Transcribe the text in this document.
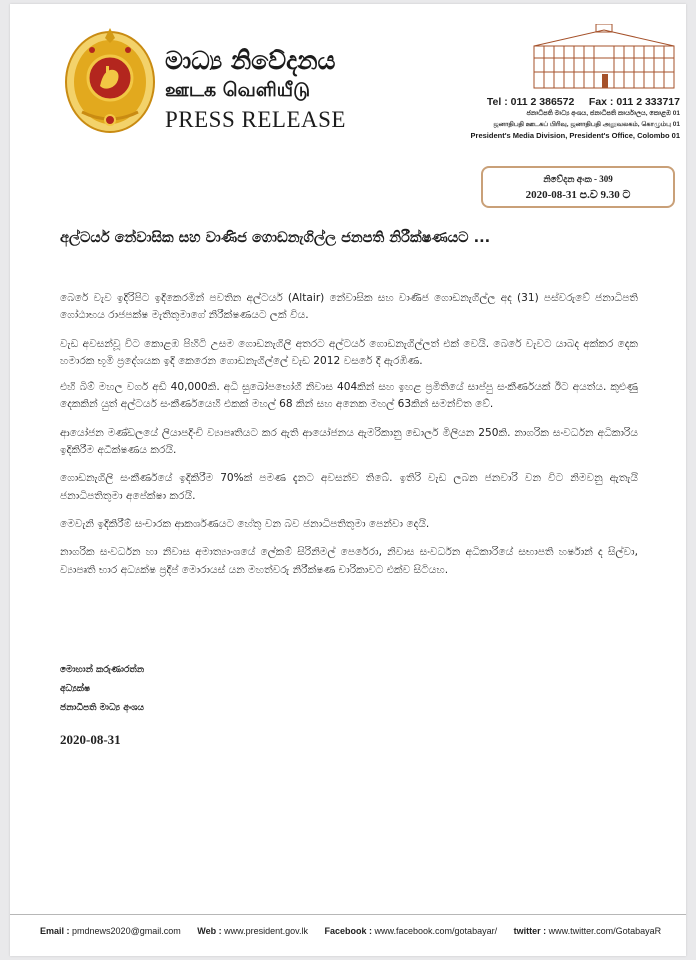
මාධ්‍ය නිවේදනය
ஊடக வெளியீடு
PRESS RELEASE
Tel : 011 2 386572 Fax : 011 2 333717
ජනාධිපති මාධ්‍ය අංශය, ජනාධිපති කාර්යාලය, කොළඹ 01
ஜனாதிபதி ஊடகப் பிரிவு, ஜனாதிபதி அலுவலகம், கொழும்பு 01
President's Media Division, President's Office, Colombo 01
නිවේදන අංක - 309
2020-08-31 ප.ව 9.30 ට
අල්ටයර් නේවාසික සහ වාණිජ ගොඩනැගිල්ල ජනපති නිරීක්ෂණයට ...

බෙරේ වැව ඉදිරිපිට ඉදිකෙරමින් පවතින අල්ටයර් (Altair) නේවාසික සහ වාණිජ ගොඩනැගිල්ල අද (31) පස්වරුවේ ජනාධිපති ගෝඨාභය රාජපක්ෂ මැතිතුමාගේ නිරීක්ෂණයට ලක් විය.

වැඩ අවසන්වූ විට කොළඹ පිහිටි උසම ගොඩනැගිලි අතරට අල්ටයර් ගොඩනැගිල්ලත් එක් වෙයි. බෙරේ වැවට යාබද අක්කර දෙක හමාරක භූමි ප්‍රදේශයක ඉදි කෙරෙන ගොඩනැගිල්ලේ වැඩ 2012 වසරේ දී ඇරඹිණ.

එහි බිම් මහල වර්ග අඩි 40,000කි. අධි සුඛෝපභෝගී නිවාස 404කින් සහ ඉහළ ප්‍රමිතියේ සාප්පු සංකීර්ණයක් ඊට අයත්ය. කුළුණු දෙකකින් යුත් අල්ටයර් සංකීර්ණයෙහි එකක් මහල් 68 කින් සහ අනෙක මහල් 63කින් සමන්විත වේ.

ආයෝජන මණ්ඩලයේ ලියාපදිංචි ව්‍යාපෘතියට කර ඇති ආයෝජනය ඇමරිකානු ඩොලර් මිලියන 250කි. නාගරික සංවර්ධන අධිකාරිය ඉදිකිරීම අධීක්ෂණය කරයි.

ගොඩනැගිලි සංකීර්ණයේ ඉදිකිරීම 70%ක් පමණ දැනට අවසන්ව තිබේ. ඉතිරි වැඩ ලබන ජනවාරි වන විට නිමවනු ඇතැයි ජනාධිපතිතුමා අපේක්ෂා කරයි.

මෙවැනි ඉදිකිරීම් සංචාරක ආකර්ශණයට හේතු වන බව ජනාධිපතිතුමා පෙන්වා දෙයි.

නාගරික සංවර්ධන හා නිවාස අමාත්‍යාංශයේ ලේකම් සිරිනිමල් පෙරේරා, නිවාස සංවර්ධන අධිකාරියේ සභාපති හර්ෂාන් ද සිල්වා, ව්‍යාපෘති භාර අධ්‍යක්ෂ ප්‍රදීප් මොරායස් යන මහත්වරු නිරීක්ෂණ චාරිකාවට එක්ව සිටියහ.

මොහාන් කරුණාරත්න
අධ්‍යක්ෂ
ජනාධිපති මාධ්‍ය අංශය
2020-08-31
Email : pmdnews2020@gmail.com Web : www.president.gov.lk Facebook : www.facebook.com/gotabayar/ twitter : www.twitter.com/GotabayaR
